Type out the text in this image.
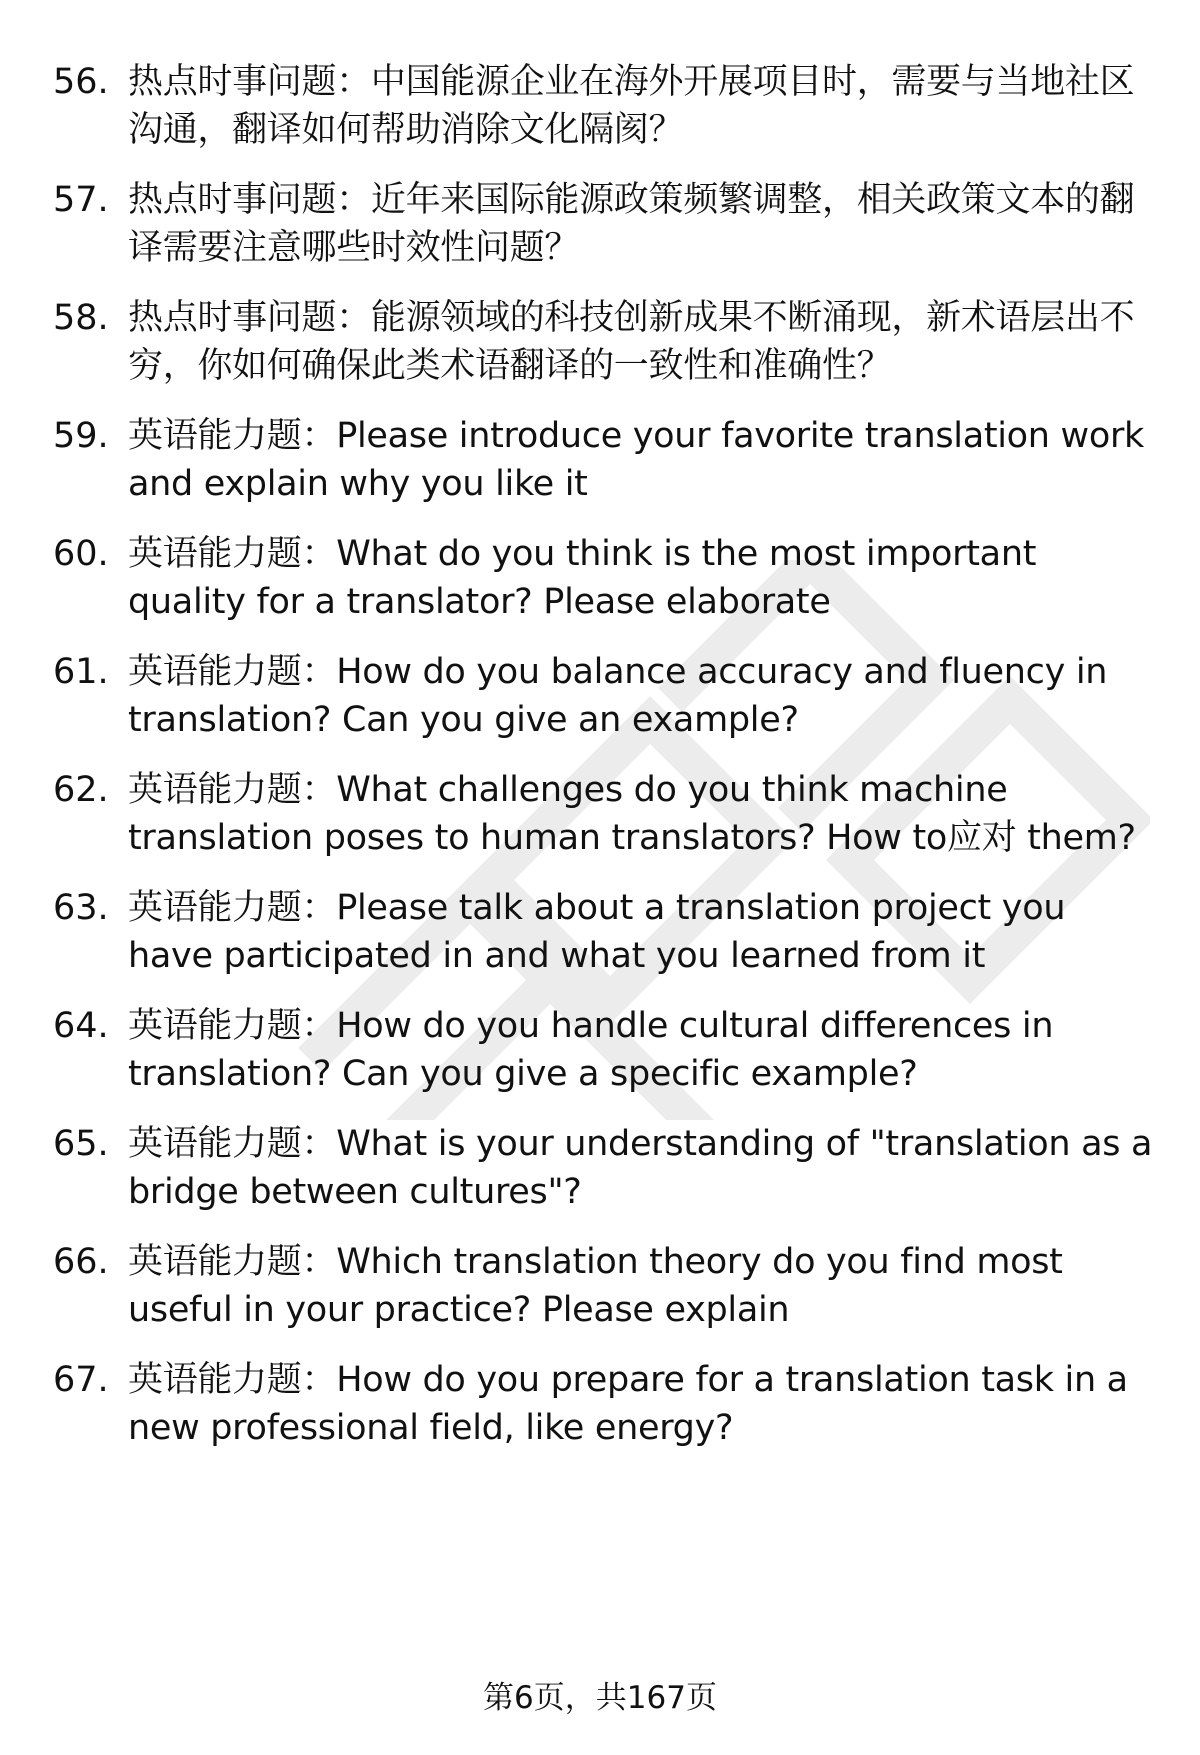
56. 热点时事问题：中国能源企业在海外开展项目时，需要与当地社区沟通，翻译如何帮助消除文化隔阂？
57. 热点时事问题：近年来国际能源政策频繁调整，相关政策文本的翻译需要注意哪些时效性问题？
58. 热点时事问题：能源领域的科技创新成果不断涌现，新术语层出不穷，你如何确保此类术语翻译的一致性和准确性？
59. 英语能力题：Please introduce your favorite translation work and explain why you like it
60. 英语能力题：What do you think is the most important quality for a translator? Please elaborate
61. 英语能力题：How do you balance accuracy and fluency in translation? Can you give an example?
62. 英语能力题：What challenges do you think machine translation poses to human translators? How to应对 them?
63. 英语能力题：Please talk about a translation project you have participated in and what you learned from it
64. 英语能力题：How do you handle cultural differences in translation? Can you give a specific example?
65. 英语能力题：What is your understanding of "translation as a bridge between cultures"?
66. 英语能力题：Which translation theory do you find most useful in your practice? Please explain
67. 英语能力题：How do you prepare for a translation task in a new professional field, like energy?
第6页，共167页
